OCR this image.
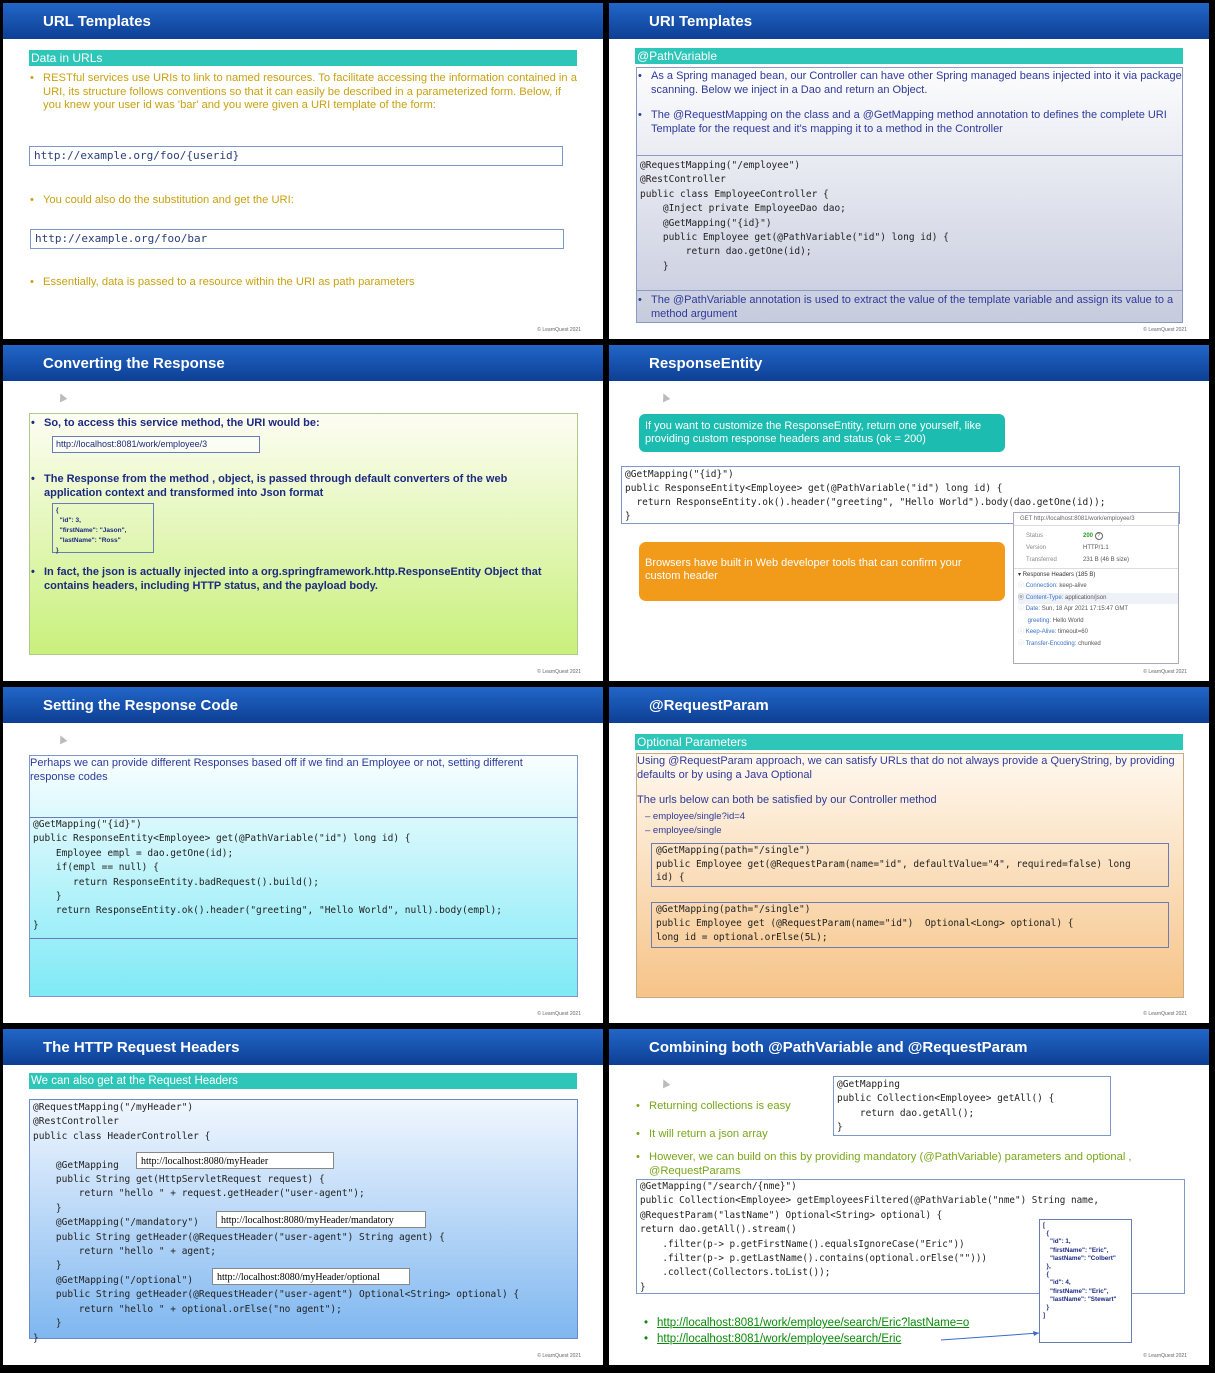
URL Templates
Data in URLs
• RESTful services use URIs to link to named resources. To facilitate accessing the information contained in a URI, its structure follows conventions so that it can easily be described in a parameterized form. Below, if you knew your user id was 'bar' and you were given a URI template of the form:
http://example.org/foo/{userid}
• You could also do the substitution and get the URI:
http://example.org/foo/bar
• Essentially, data is passed to a resource within the URI as path parameters
© LearnQuest 2021
URI Templates
@PathVariable
• As a Spring managed bean, our Controller can have other Spring managed beans injected into it via package scanning. Below we inject in a Dao and return an Object.
• The @RequestMapping on the class and a @GetMapping method annotation to defines the complete URI Template for the request and it's mapping it to a method in the Controller
@RequestMapping("/employee")
@RestController
public class EmployeeController {
@Inject private EmployeeDao dao;
@GetMapping("{id}")
public Employee get(@PathVariable("id") long id) {
return dao.getOne(id);
}
• The @PathVariable annotation is used to extract the value of the template variable and assign its value to a method argument
© LearnQuest 2021
Converting the Response
• So, to access this service method, the URI would be:
http://localhost:8081/work/employee/3
• The Response from the method , object, is passed through default converters of the web application context and transformed into Json format
{
"id": 3,
"firstName": "Jason",
"lastName": "Ross"
}
• In fact, the json is actually injected into a org.springframework.http.ResponseEntity Object that contains headers, including HTTP status, and the payload body.
© LearnQuest 2021
ResponseEntity
If you want to customize the ResponseEntity, return one yourself, like providing custom response headers and status (ok = 200)
@GetMapping("{id}")
public ResponseEntity<Employee> get(@PathVariable("id") long id) {
return ResponseEntity.ok().header("greeting", "Hello World").body(dao.getOne(id));
}
Browsers have built in Web developer tools that can confirm your custom header
GET http://localhost:8081/work/employee/3
Status	200 ?
Version	HTTP/1.1
Transferred	231 B (46 B size)
▾ Response Headers (185 B)
ⓘ Connection: keep-alive
⓪ Content-Type: application/json
ⓘ Date: Sun, 18 Apr 2021 17:15:47 GMT
greeting: Hello World
ⓘ Keep-Alive: timeout=60
ⓘ Transfer-Encoding: chunked
© LearnQuest 2021
Setting the Response Code
Perhaps we can provide different Responses based off if we find an Employee or not, setting different response codes
@GetMapping("{id}")
public ResponseEntity<Employee> get(@PathVariable("id") long id) {
Employee empl = dao.getOne(id);
if(empl == null) {
return ResponseEntity.badRequest().build();
}
return ResponseEntity.ok().header("greeting", "Hello World", null).body(empl);
}
© LearnQuest 2021
@RequestParam
Optional Parameters
Using @RequestParam approach, we can satisfy URLs that do not always provide a QueryString, by providing defaults or by using a Java Optional
The urls below can both be satisfied by our Controller method
– employee/single?id=4
– employee/single
@GetMapping(path="/single")
public Employee get(@RequestParam(name="id", defaultValue="4", required=false) long
id) {
@GetMapping(path="/single")
public Employee get (@RequestParam(name="id")  Optional<Long> optional) {
long id = optional.orElse(5L);
© LearnQuest 2021
The HTTP Request Headers
We can also get at the Request Headers
@RequestMapping("/myHeader")
@RestController
public class HeaderController {

@GetMapping
public String get(HttpServletRequest request) {
return "hello " + request.getHeader("user-agent");
}
@GetMapping("/mandatory")
public String getHeader(@RequestHeader("user-agent") String agent) {
return "hello " + agent;
}
@GetMapping("/optional")
public String getHeader(@RequestHeader("user-agent") Optional<String> optional) {
return "hello " + optional.orElse("no agent");
}
}
http://localhost:8080/myHeader
http://localhost:8080/myHeader/mandatory
http://localhost:8080/myHeader/optional
© LearnQuest 2021
Combining both @PathVariable and @RequestParam
• Returning collections is easy
• It will return a json array
@GetMapping
public Collection<Employee> getAll() {
return dao.getAll();
}
• However, we can build on this by providing mandatory (@PathVariable) parameters and optional , @RequestParams
@GetMapping("/search/{nme}")
public Collection<Employee> getEmployeesFiltered(@PathVariable("nme") String name,
@RequestParam("lastName") Optional<String> optional) {
return dao.getAll().stream()
.filter(p-> p.getFirstName().equalsIgnoreCase("Eric"))
.filter(p-> p.getLastName().contains(optional.orElse("")))
.collect(Collectors.toList());
}
[
{
"id": 1,
"firstName": "Eric",
"lastName": "Colbert"
},
{
"id": 4,
"firstName": "Eric",
"lastName": "Stewart"
}
]
• http://localhost:8081/work/employee/search/Eric?lastName=o
• http://localhost:8081/work/employee/search/Eric
© LearnQuest 2021
